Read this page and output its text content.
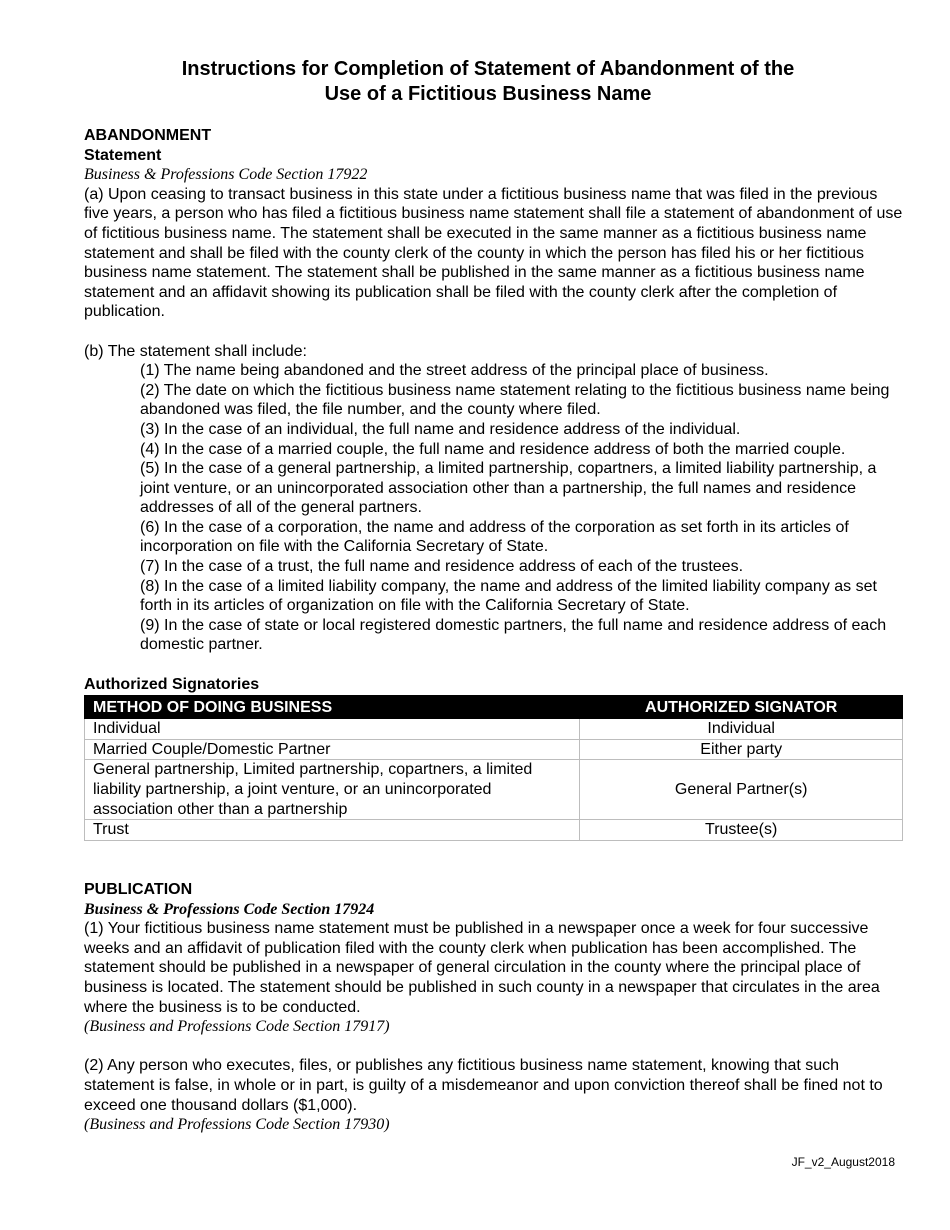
Instructions for Completion of Statement of Abandonment of the
Use of a Fictitious Business Name
ABANDONMENT
Statement
Business & Professions Code Section 17922

(a) Upon ceasing to transact business in this state under a fictitious business name that was filed in the previous five years, a person who has filed a fictitious business name statement shall file a statement of abandonment of use of fictitious business name. The statement shall be executed in the same manner as a fictitious business name statement and shall be filed with the county clerk of the county in which the person has filed his or her fictitious business name statement. The statement shall be published in the same manner as a fictitious business name statement and an affidavit showing its publication shall be filed with the county clerk after the completion of publication.

(b) The statement shall include:

(1) The name being abandoned and the street address of the principal place of business.
(2) The date on which the fictitious business name statement relating to the fictitious business name being abandoned was filed, the file number, and the county where filed.
(3) In the case of an individual, the full name and residence address of the individual.
(4) In the case of a married couple, the full name and residence address of both the married couple.
(5) In the case of a general partnership, a limited partnership, copartners, a limited liability partnership, a joint venture, or an unincorporated association other than a partnership, the full names and residence addresses of all of the general partners.
(6) In the case of a corporation, the name and address of the corporation as set forth in its articles of incorporation on file with the California Secretary of State.
(7) In the case of a trust, the full name and residence address of each of the trustees.
(8) In the case of a limited liability company, the name and address of the limited liability company as set forth in its articles of organization on file with the California Secretary of State.
(9) In the case of state or local registered domestic partners, the full name and residence address of each domestic partner.
Authorized Signatories
METHOD OF DOING BUSINESS	AUTHORIZED SIGNATOR
Individual	Individual
Married Couple/Domestic Partner	Either party
General partnership, Limited partnership, copartners, a limited liability partnership, a joint venture, or an unincorporated association other than a partnership	General Partner(s)
Trust	Trustee(s)
PUBLICATION
Business & Professions Code Section 17924

(1) Your fictitious business name statement must be published in a newspaper once a week for four successive weeks and an affidavit of publication filed with the county clerk when publication has been accomplished. The statement should be published in a newspaper of general circulation in the county where the principal place of business is located. The statement should be published in such county in a newspaper that circulates in the area where the business is to be conducted.

(Business and Professions Code Section 17917)

(2) Any person who executes, files, or publishes any fictitious business name statement, knowing that such statement is false, in whole or in part, is guilty of a misdemeanor and upon conviction thereof shall be fined not to exceed one thousand dollars ($1,000).

(Business and Professions Code Section 17930)
JF_v2_August2018
